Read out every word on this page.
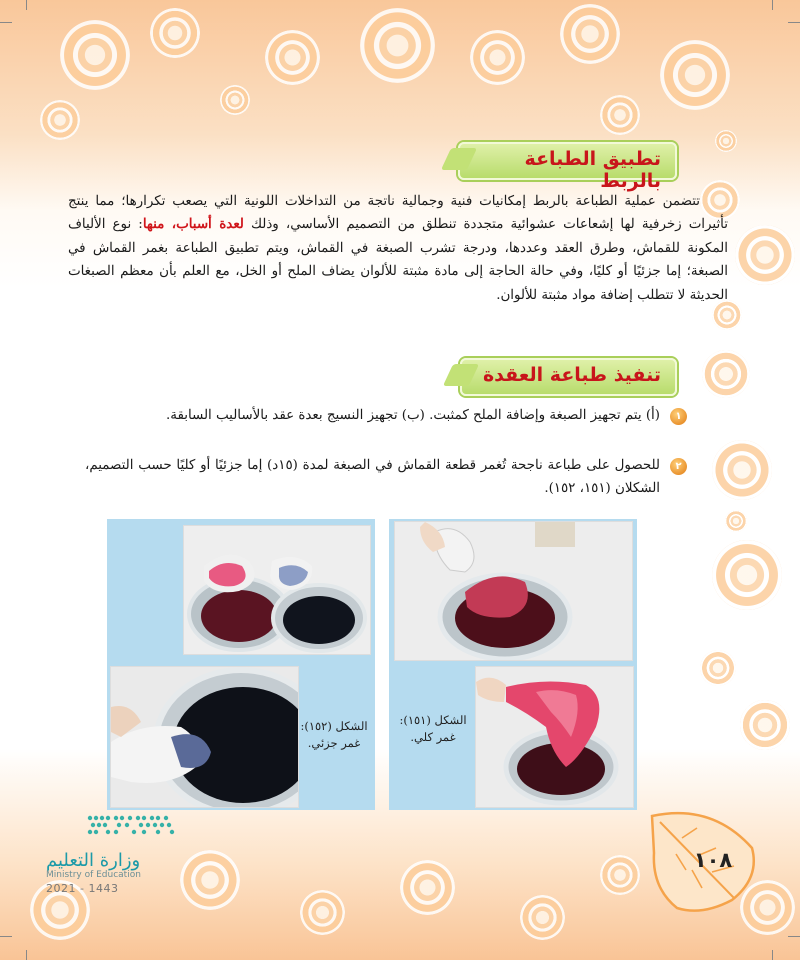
تطبيق الطباعة بالربط
تتضمن عملية الطباعة بالربط إمكانيات فنية وجمالية ناتجة من التداخلات اللونية التي يصعب تكرارها؛ مما ينتج تأثيرات زخرفية لها إشعاعات عشوائية متجددة تنطلق من التصميم الأساسي، وذلك لعدة أسباب، منها: نوع الألياف المكونة للقماش، وطرق العقد وعددها، ودرجة تشرب الصبغة في القماش، ويتم تطبيق الطباعة بغمر القماش في الصبغة؛ إما جزئيًا أو كليًا، وفي حالة الحاجة إلى مادة مثبتة للألوان يضاف الملح أو الخل، مع العلم بأن معظم الصبغات الحديثة لا تتطلب إضافة مواد مثبتة للألوان.
تنفيذ طباعة العقدة
١
(أ) يتم تجهيز الصبغة وإضافة الملح كمثبت. (ب) تجهيز النسيج بعدة عقد بالأساليب السابقة.
٢
للحصول على طباعة ناجحة تُغمر قطعة القماش في الصبغة لمدة (١٥د) إما جزئيًا أو كليًا حسب التصميم، الشكلان (١٥١، ١٥٢).
الشكل (١٥٢):
غمر جزئي.
الشكل (١٥١):
غمر كلي.
١٠٨
وزارة التعليم
Ministry of Education
2021 - 1443
